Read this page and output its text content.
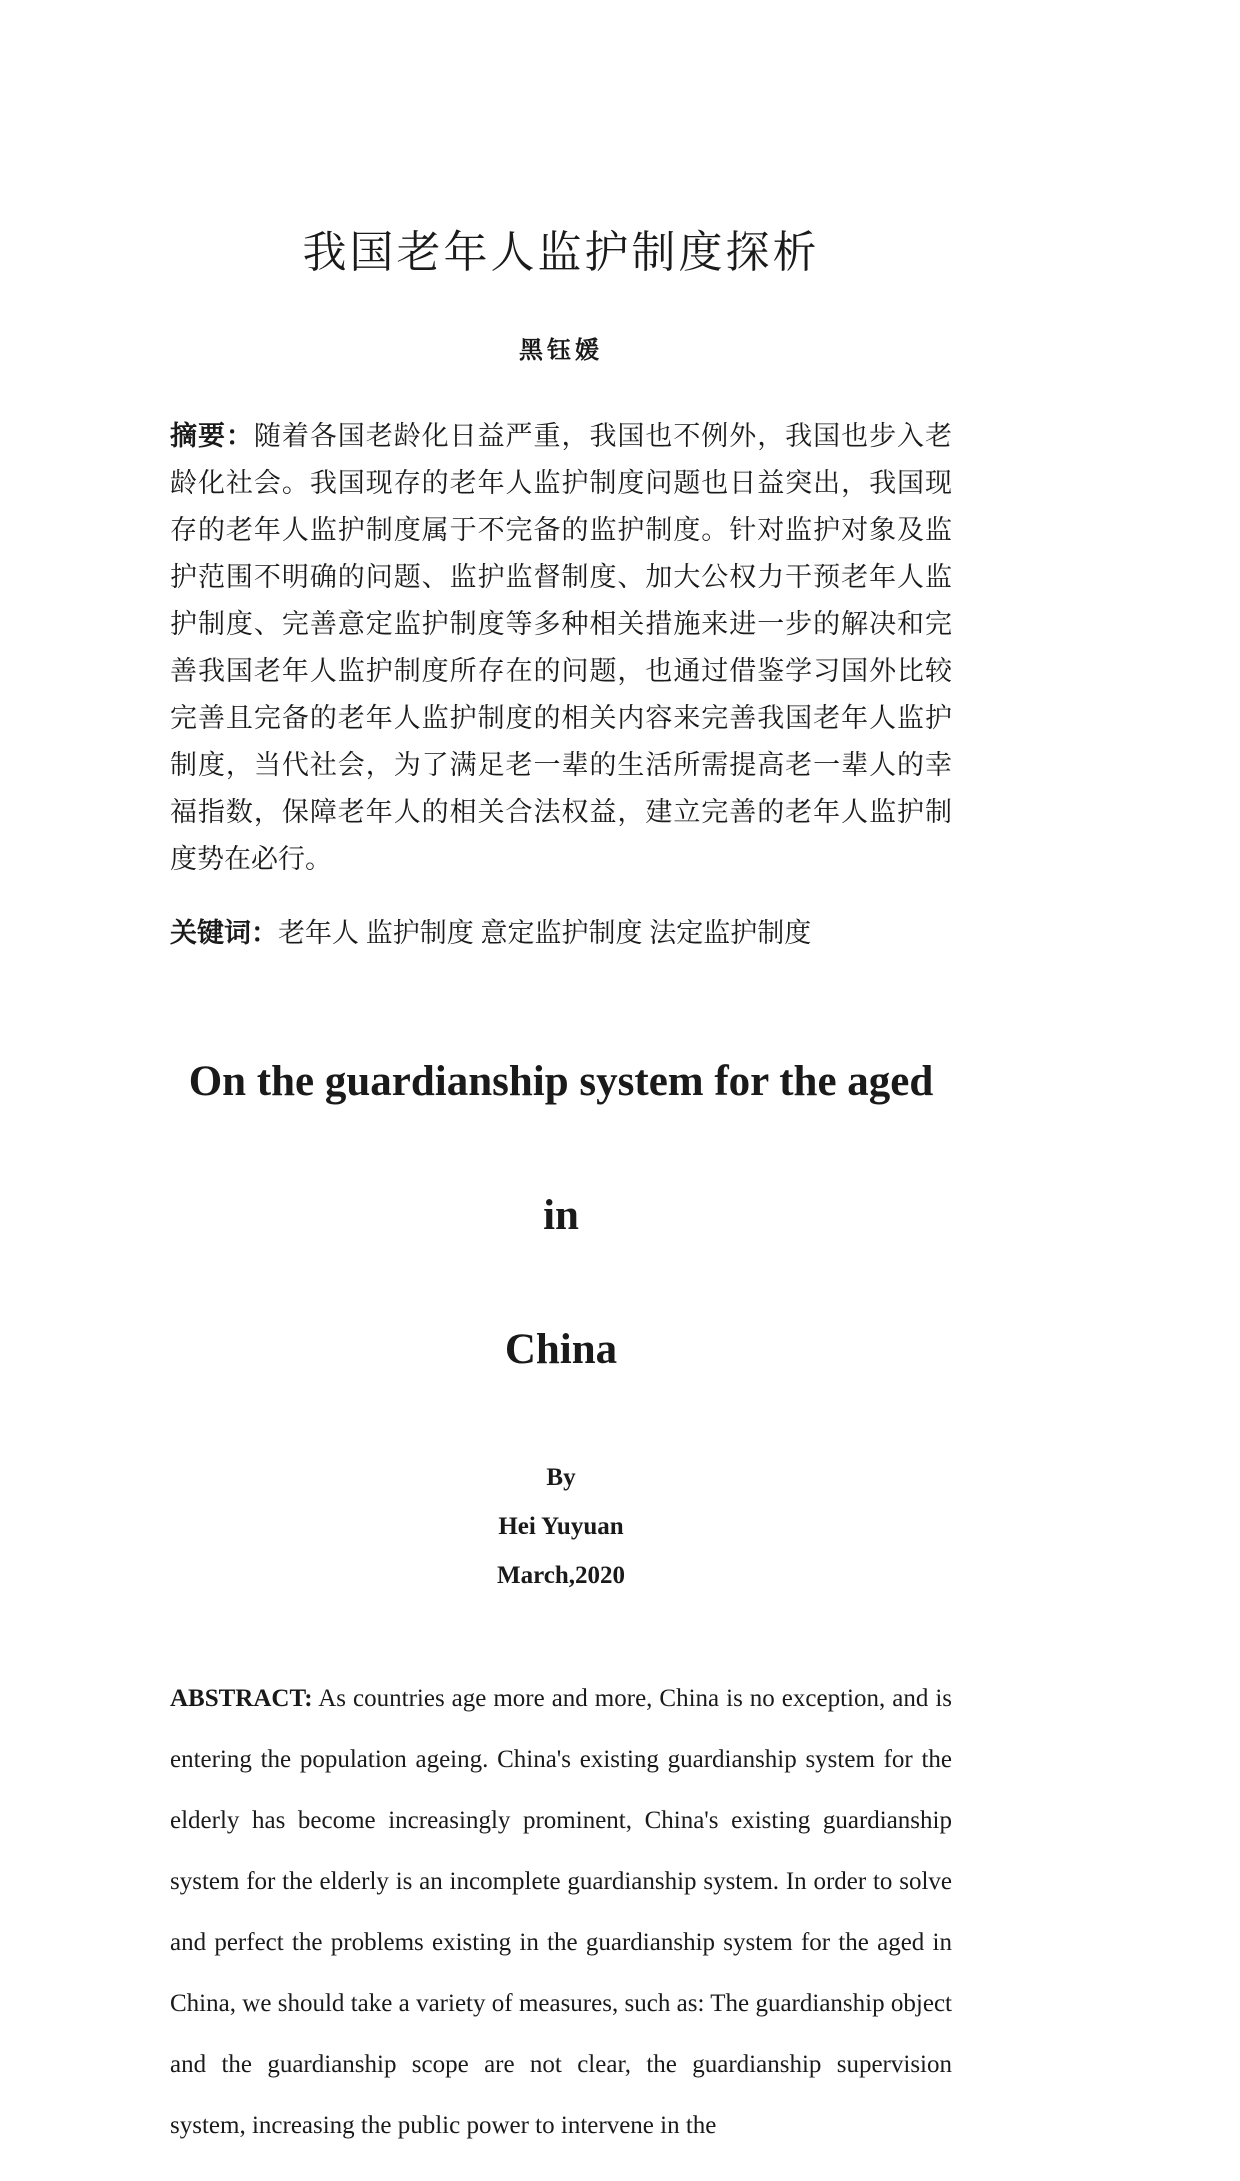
我国老年人监护制度探析
黑钰媛

摘要：随着各国老龄化日益严重，我国也不例外，我国也步入老龄化社会。我国现存的老年人监护制度问题也日益突出，我国现存的老年人监护制度属于不完备的监护制度。针对监护对象及监护范围不明确的问题、监护监督制度、加大公权力干预老年人监护制度、完善意定监护制度等多种相关措施来进一步的解决和完善我国老年人监护制度所存在的问题，也通过借鉴学习国外比较完善且完备的老年人监护制度的相关内容来完善我国老年人监护制度，当代社会，为了满足老一辈的生活所需提高老一辈人的幸福指数，保障老年人的相关合法权益，建立完善的老年人监护制度势在必行。

关键词：老年人 监护制度 意定监护制度 法定监护制度

On the guardianship system for the aged in
China
By
Hei Yuyuan
March,2020

ABSTRACT: As countries age more and more, China is no exception, and is entering the population ageing. China's existing guardianship system for the elderly has become increasingly prominent, China's existing guardianship system for the elderly is an incomplete guardianship system. In order to solve and perfect the problems existing in the guardianship system for the aged in China, we should take a variety of measures, such as: The guardianship object and the guardianship scope are not clear, the guardianship supervision system, increasing the public power to intervene in the
